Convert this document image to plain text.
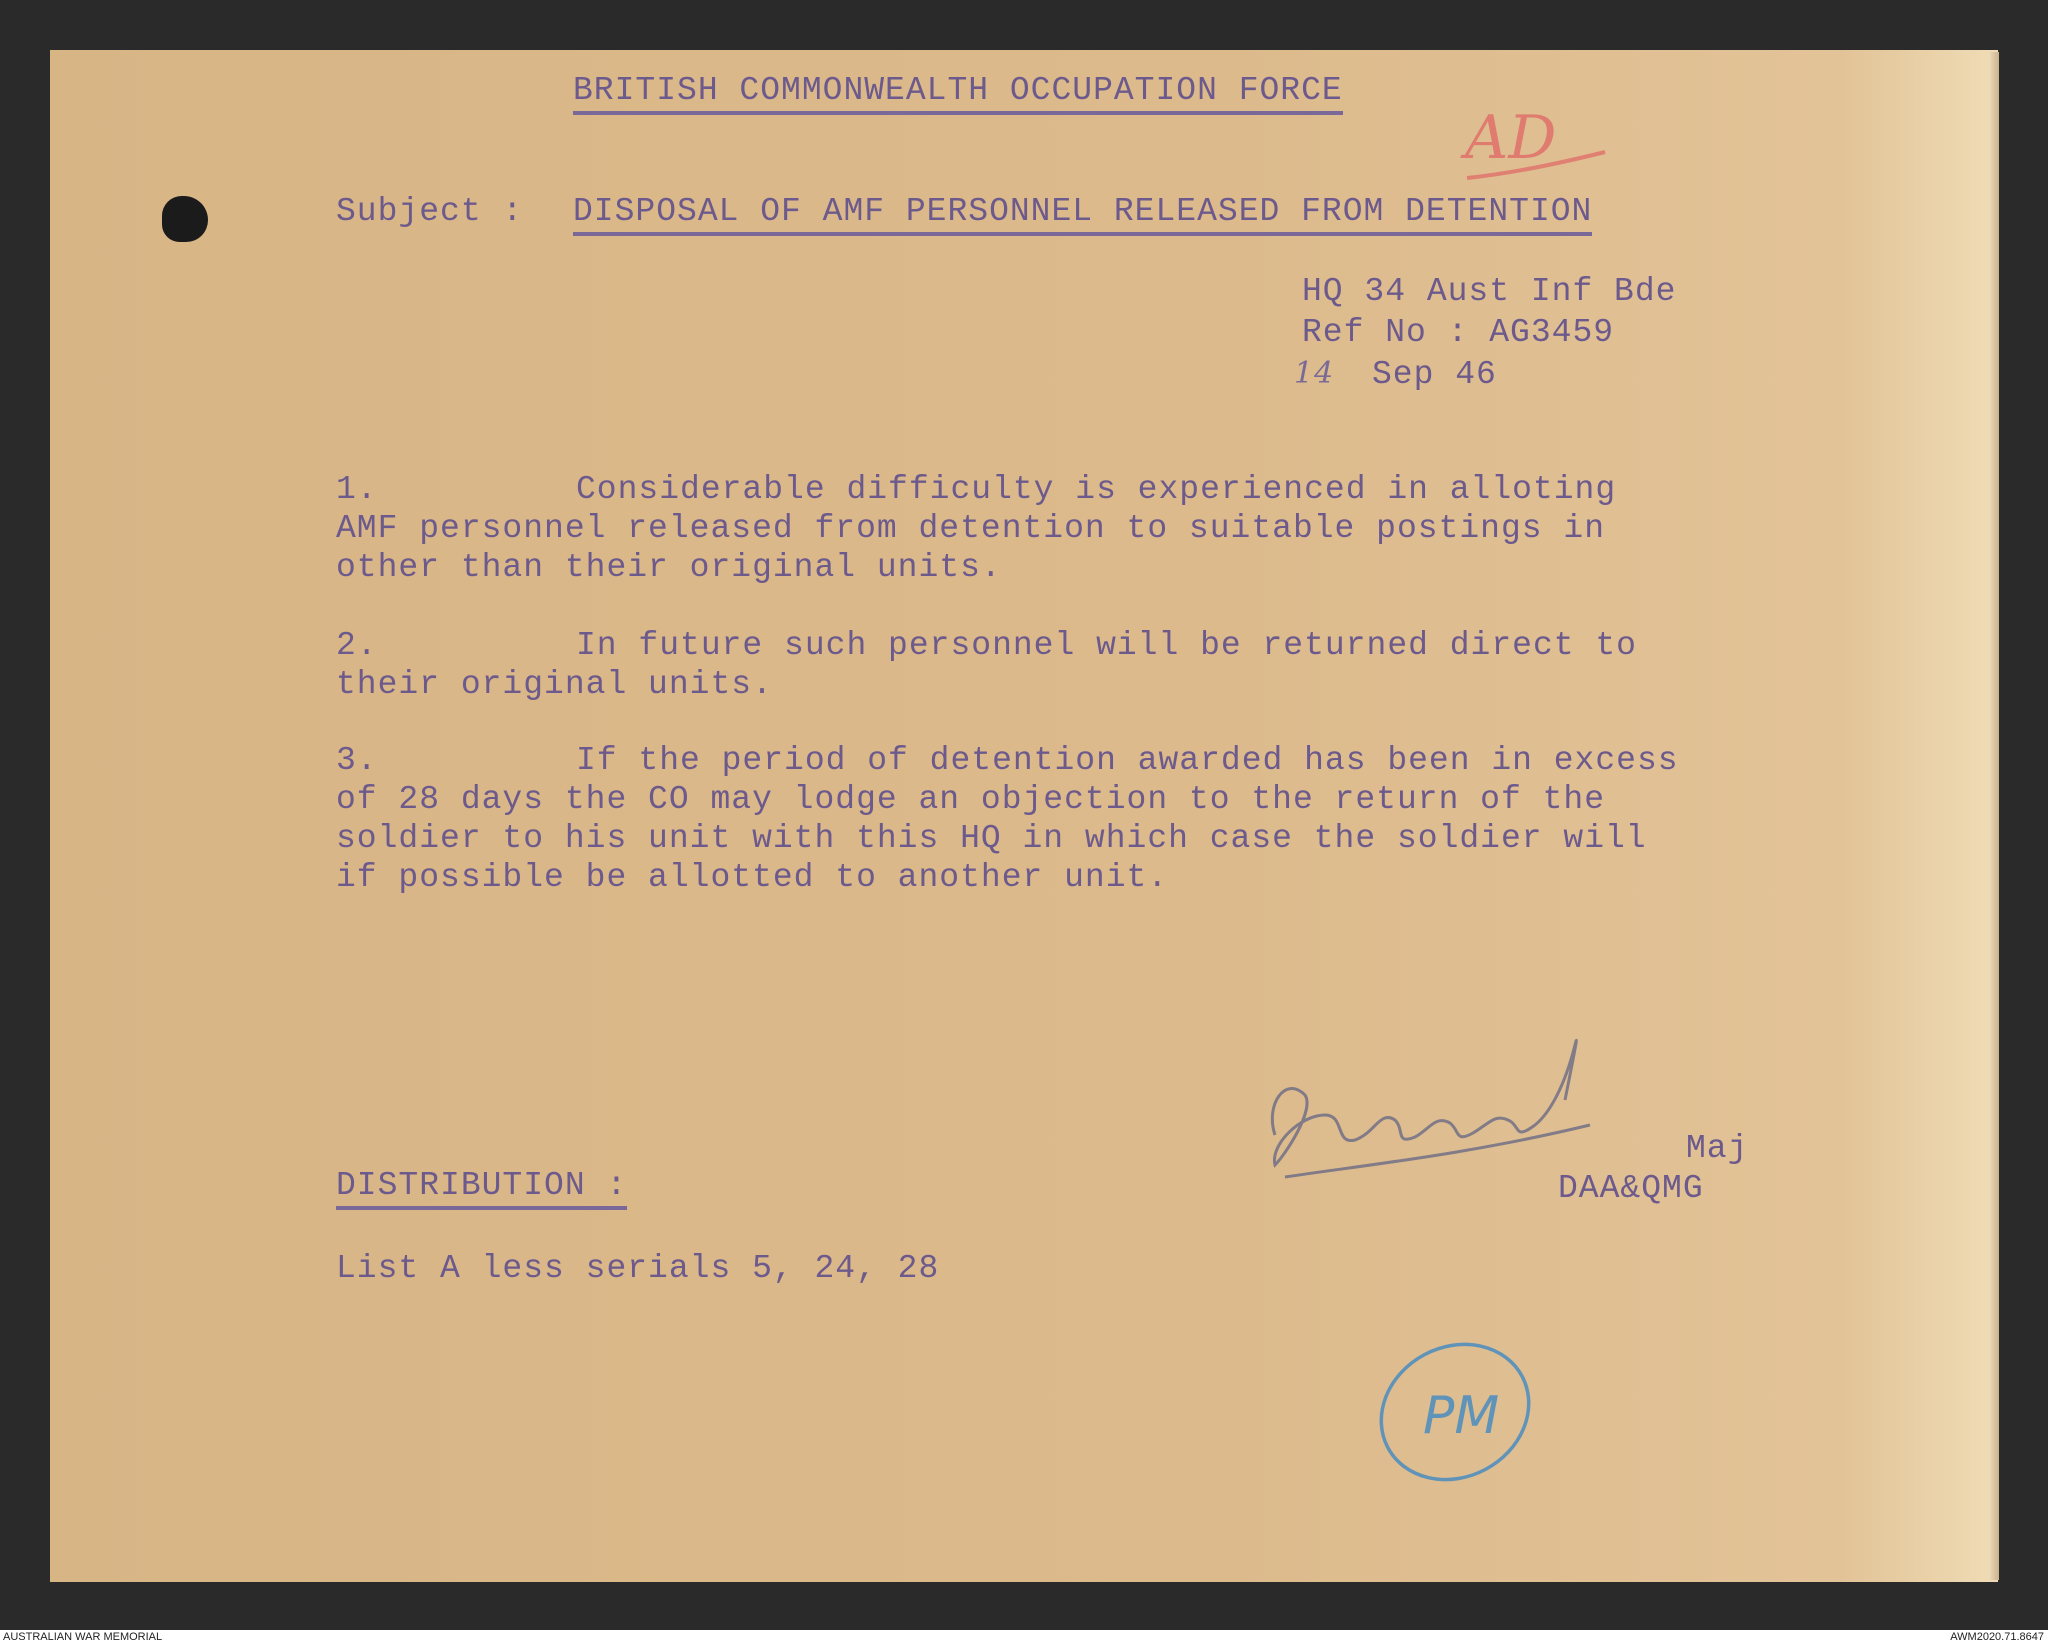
BRITISH COMMONWEALTH OCCUPATION FORCE
AD
Subject : DISPOSAL OF AMF PERSONNEL RELEASED FROM DETENTION
HQ 34 Aust Inf Bde
Ref No : AG3459
14 Sep 46
1.	Considerable difficulty is experienced in alloting
AMF personnel released from detention to suitable postings in
other than their original units.
2.	In future such personnel will be returned direct to
their original units.
3.	If the period of detention awarded has been in excess
of 28 days the CO may lodge an objection to the return of the
soldier to his unit with this HQ in which case the soldier will
if possible be allotted to another unit.
Maj
DAA&QMG
DISTRIBUTION :
List A less serials 5, 24, 28
PM
AUSTRALIAN WAR MEMORIAL	AWM2020.71.8647
